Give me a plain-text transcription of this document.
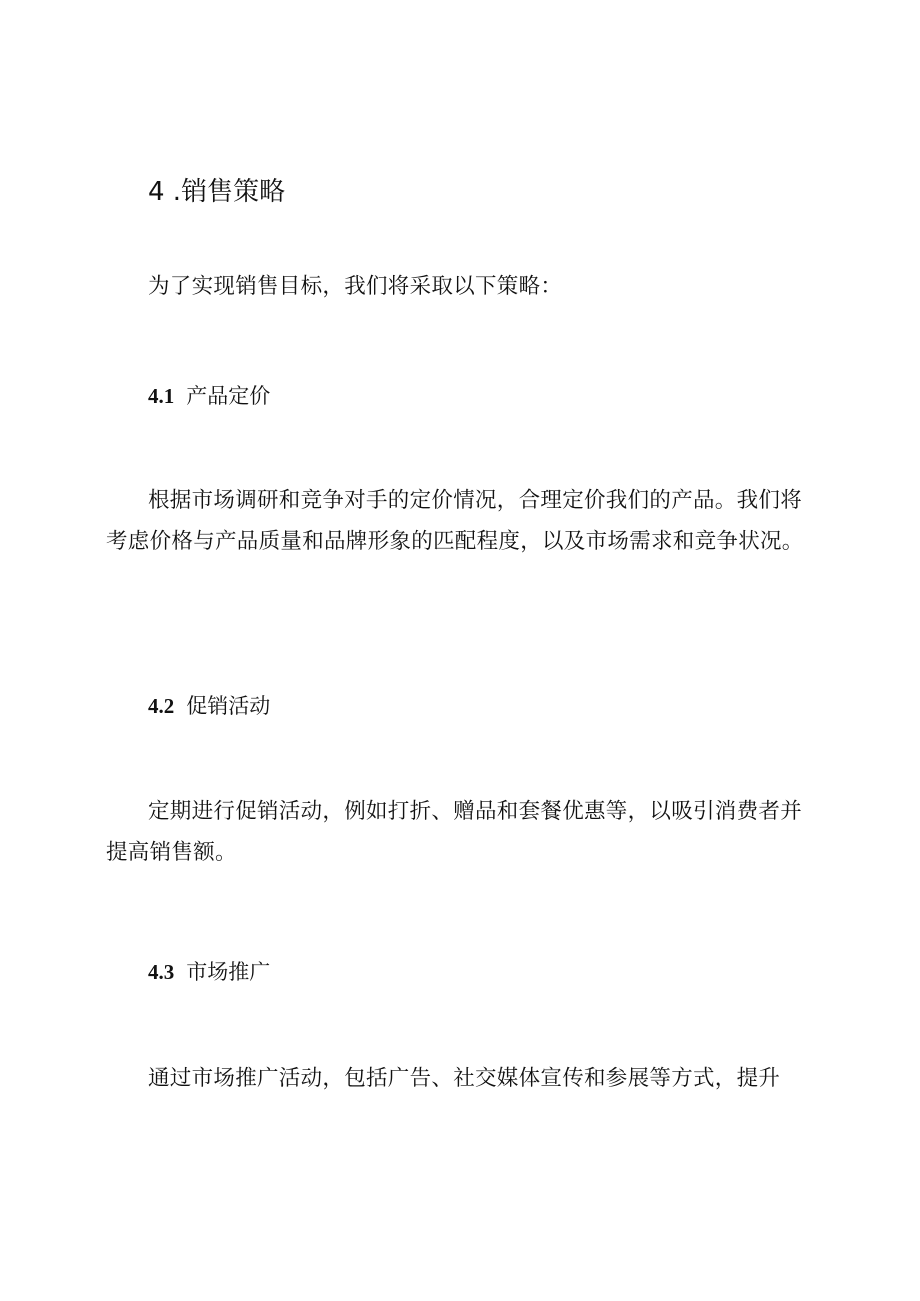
4 .销售策略
为了实现销售目标，我们将采取以下策略：
4.1 产品定价
根据市场调研和竞争对手的定价情况，合理定价我们的产品。我们将考虑价格与产品质量和品牌形象的匹配程度，以及市场需求和竞争状况。
4.2 促销活动
定期进行促销活动，例如打折、赠品和套餐优惠等，以吸引消费者并提高销售额。
4.3 市场推广
通过市场推广活动，包括广告、社交媒体宣传和参展等方式，提升
